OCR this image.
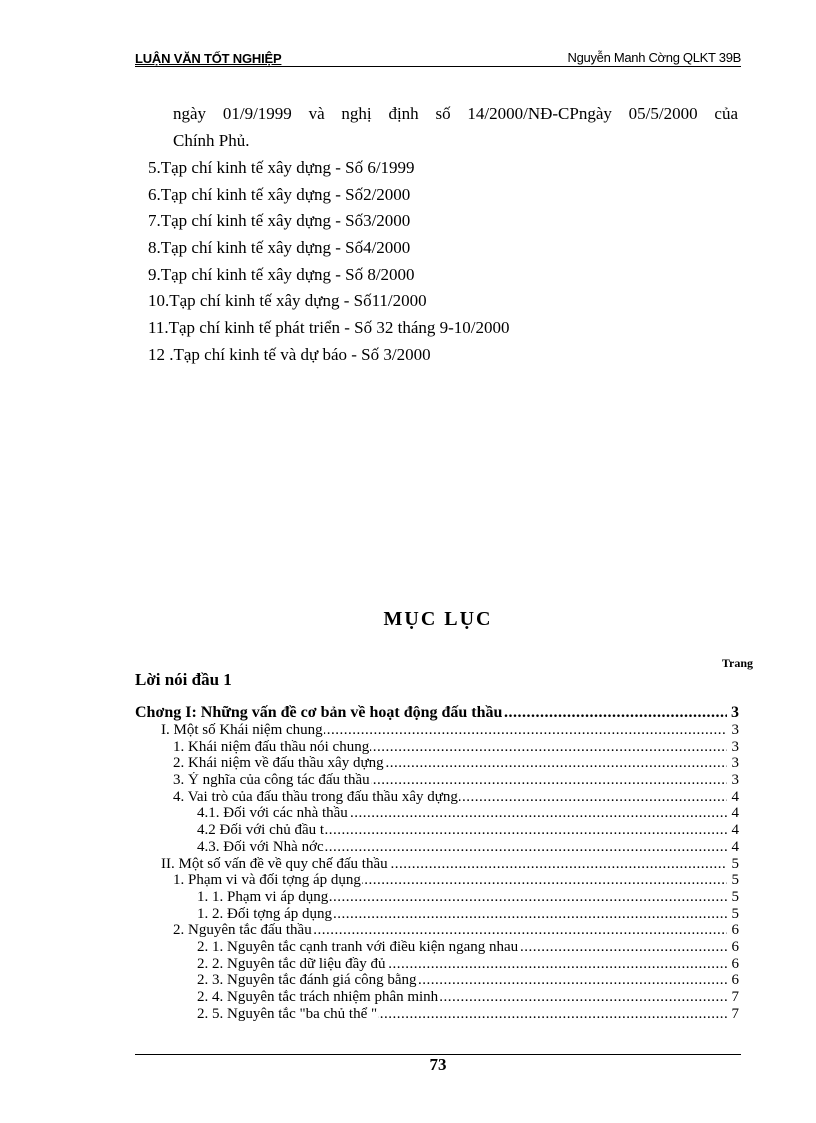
LUẬN VĂN TỐT NGHIỆP	Nguyễn Manh Cờng QLKT 39B
ngày 01/9/1999 và nghị định số 14/2000/NĐ-CPngày 05/5/2000 của
Chính Phủ.
5.Tạp chí kinh tế xây dựng - Số 6/1999
6.Tạp chí kinh tế xây dựng - Số2/2000
7.Tạp chí kinh tế xây dựng - Số3/2000
8.Tạp chí kinh tế xây dựng - Số4/2000
9.Tạp chí kinh tế xây dựng - Số 8/2000
10.Tạp chí kinh tế xây dựng - Số11/2000
11.Tạp chí kinh tế phát triển - Số 32 tháng 9-10/2000
12 .Tạp chí kinh tế và dự báo - Số 3/2000
MỤC LỤC
Trang
Lời nói đầu 1
.....
Chơng I: Những vấn đề cơ bản về hoạt động đấu thầu	3
.....
I. Một số Khái niệm chung	3
.....
1. Khái niệm đấu thầu nói chung	3
.....
2. Khái niệm về đấu thầu xây dựng	3
.....
3. Ý nghĩa của công tác đấu thầu	3
.....
4. Vai trò của đấu thầu trong đấu thầu xây dựng	4
.....
4.1. Đối với các nhà thầu	4
.....
4.2 Đối với chủ đầu t	4
.....
4.3. Đối với Nhà nớc	4
.....
II. Một số vấn đề về quy chế đấu thầu	5
.....
1. Phạm vi và đối tợng áp dụng	5
.....
1. 1. Phạm vi áp dụng	5
.....
1. 2. Đối tợng áp dụng	5
.....
2. Nguyên tắc đấu thầu	6
.....
2. 1. Nguyên tắc cạnh tranh với điều kiện ngang nhau	6
.....
2. 2. Nguyên tắc dữ liệu đầy đủ	6
.....
2. 3. Nguyên tắc đánh giá công bằng	6
.....
2. 4. Nguyên tắc trách nhiệm phân minh	7
.....
2. 5. Nguyên tắc "ba chủ thể "	7
73
